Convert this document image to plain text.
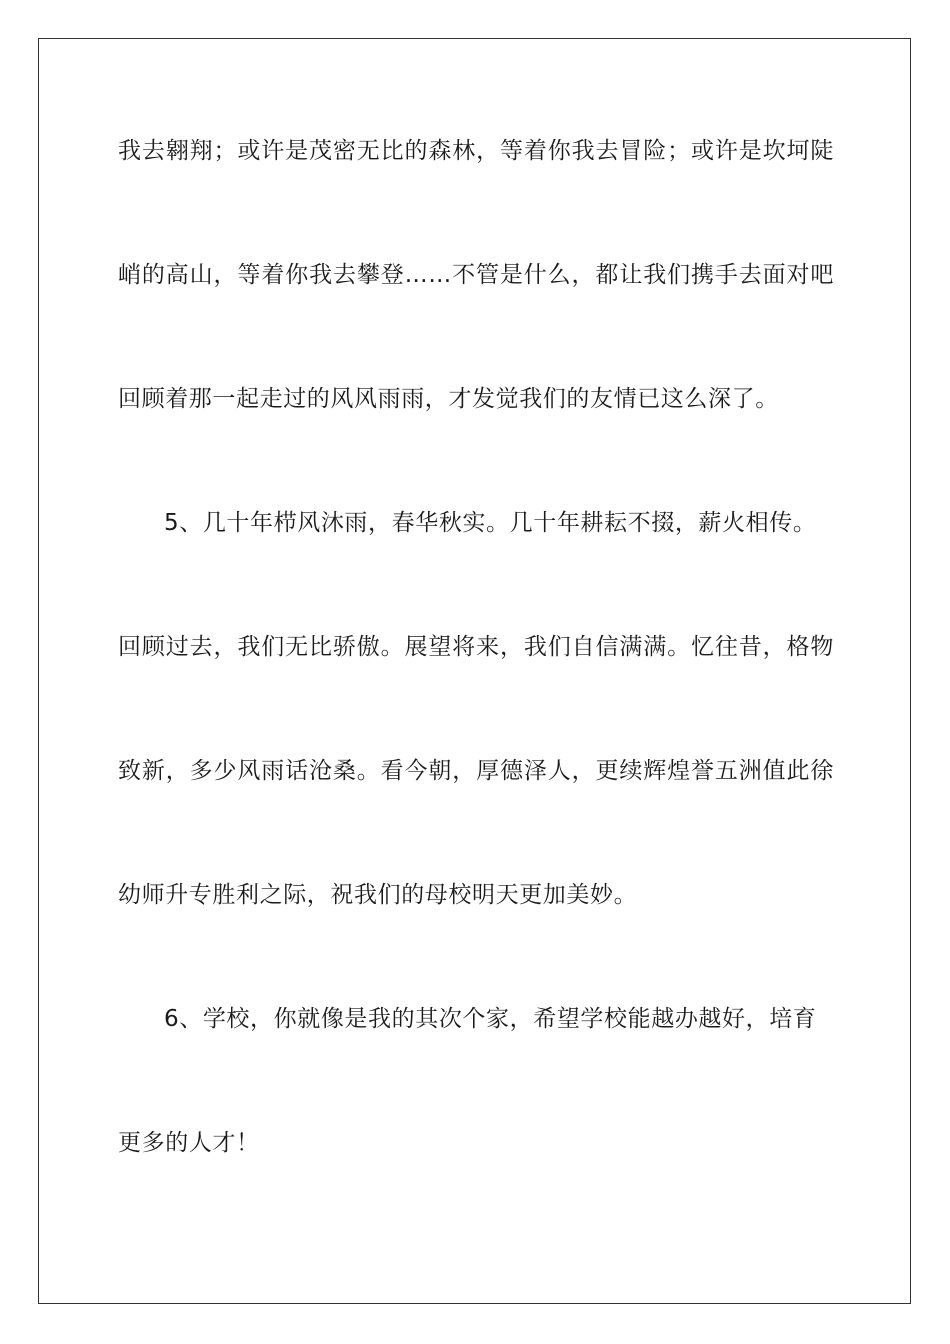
我去翱翔；或许是茂密无比的森林，等着你我去冒险；或许是坎坷陡
峭的高山，等着你我去攀登……不管是什么，都让我们携手去面对吧
回顾着那一起走过的风风雨雨，才发觉我们的友情已这么深了。
5、几十年栉风沐雨，春华秋实。几十年耕耘不掇，薪火相传。
回顾过去，我们无比骄傲。展望将来，我们自信满满。忆往昔，格物
致新，多少风雨话沧桑。看今朝，厚德泽人，更续辉煌誉五洲值此徐
幼师升专胜利之际，祝我们的母校明天更加美妙。
6、学校，你就像是我的其次个家，希望学校能越办越好，培育
更多的人才！
